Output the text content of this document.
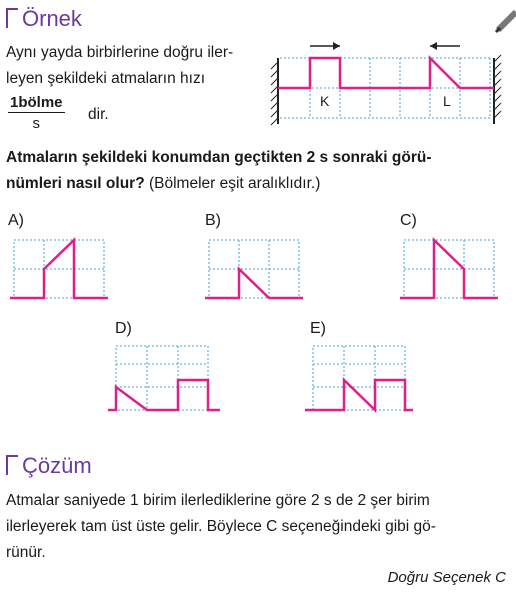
Örnek
Aynı yayda birbirlerine doğru iler-
leyen şekildeki atmaların hızı
1bölme
s
dir.
K	L
Atmaların şekildeki konumdan geçtikten 2 s sonraki görü-
nümleri nasıl olur? (Bölmeler eşit aralıklıdır.)
A)	B)	C)
D)	E)
Çözüm
Atmalar saniyede 1 birim ilerlediklerine göre 2 s de 2 şer birim
ilerleyerek tam üst üste gelir. Böylece C seçeneğindeki gibi gö-
rünür.
Doğru Seçenek C
